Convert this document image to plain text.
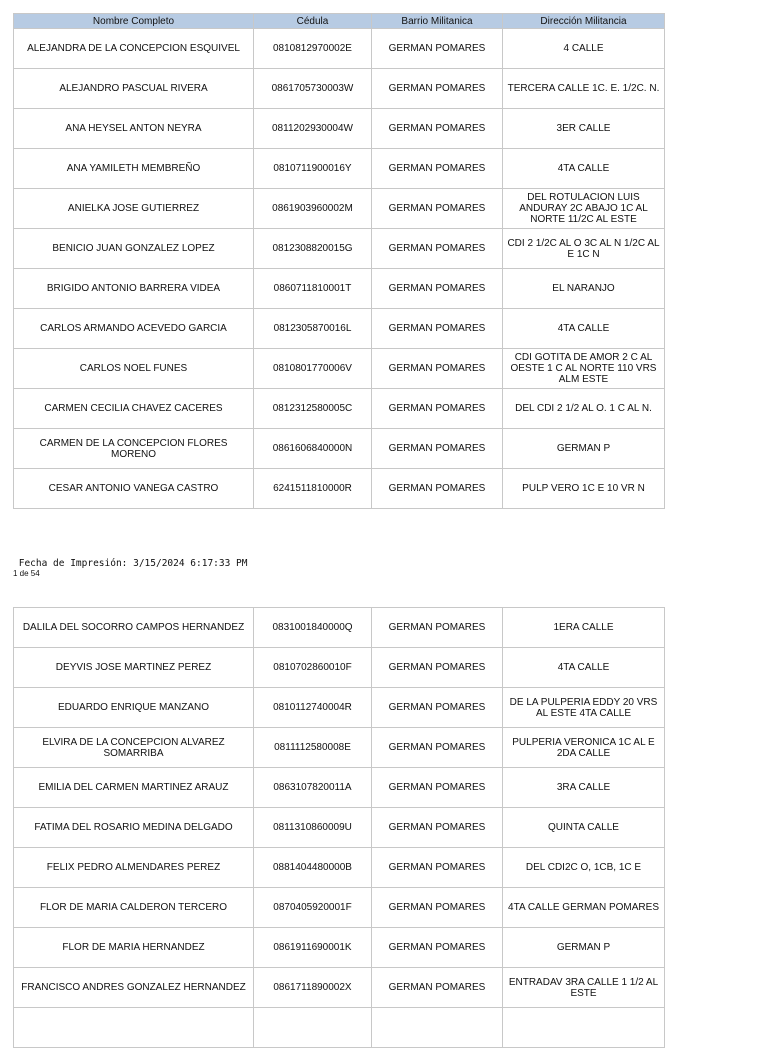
Nombre Completo	Cédula	Barrio Militanica	Dirección Militancia
ALEJANDRA DE LA CONCEPCION ESQUIVEL	0810812970002E	GERMAN POMARES	4 CALLE
ALEJANDRO PASCUAL RIVERA	0861705730003W	GERMAN POMARES	TERCERA CALLE 1C. E. 1/2C. N.
ANA HEYSEL ANTON NEYRA	0811202930004W	GERMAN POMARES	3ER CALLE
ANA YAMILETH MEMBREÑO	0810711900016Y	GERMAN POMARES	4TA CALLE
ANIELKA JOSE GUTIERREZ	0861903960002M	GERMAN POMARES	DEL ROTULACION LUIS ANDURAY 2C ABAJO 1C AL NORTE 11/2C AL ESTE
BENICIO JUAN GONZALEZ LOPEZ	0812308820015G	GERMAN POMARES	CDI 2 1/2C AL O 3C AL N 1/2C AL E 1C N
BRIGIDO ANTONIO BARRERA VIDEA	0860711810001T	GERMAN POMARES	EL NARANJO
CARLOS ARMANDO ACEVEDO GARCIA	0812305870016L	GERMAN POMARES	4TA CALLE
CARLOS NOEL FUNES	0810801770006V	GERMAN POMARES	CDI GOTITA DE AMOR 2 C AL OESTE 1 C AL NORTE 110 VRS ALM ESTE
CARMEN CECILIA CHAVEZ CACERES	0812312580005C	GERMAN POMARES	DEL CDI 2 1/2 AL O. 1 C AL N.
CARMEN DE LA CONCEPCION FLORES MORENO	0861606840000N	GERMAN POMARES	GERMAN P
CESAR ANTONIO VANEGA CASTRO	6241511810000R	GERMAN POMARES	PULP VERO 1C E 10 VR N
Fecha de Impresión: 3/15/2024 6:17:33 PM
1 de 54
DALILA DEL SOCORRO CAMPOS HERNANDEZ	0831001840000Q	GERMAN POMARES	1ERA CALLE
DEYVIS JOSE MARTINEZ PEREZ	0810702860010F	GERMAN POMARES	4TA CALLE
EDUARDO ENRIQUE MANZANO	0810112740004R	GERMAN POMARES	DE LA PULPERIA EDDY 20 VRS AL ESTE 4TA CALLE
ELVIRA DE LA CONCEPCION ALVAREZ SOMARRIBA	0811112580008E	GERMAN POMARES	PULPERIA VERONICA 1C AL E 2DA CALLE
EMILIA DEL CARMEN MARTINEZ ARAUZ	0863107820011A	GERMAN POMARES	3RA CALLE
FATIMA DEL ROSARIO MEDINA DELGADO	0811310860009U	GERMAN POMARES	QUINTA CALLE
FELIX PEDRO ALMENDARES PEREZ	0881404480000B	GERMAN POMARES	DEL CDI2C O, 1CB, 1C E
FLOR DE MARIA CALDERON TERCERO	0870405920001F	GERMAN POMARES	4TA CALLE GERMAN POMARES
FLOR DE MARIA HERNANDEZ	0861911690001K	GERMAN POMARES	GERMAN P
FRANCISCO ANDRES GONZALEZ HERNANDEZ	0861711890002X	GERMAN POMARES	ENTRADAV 3RA CALLE 1 1/2 AL ESTE
